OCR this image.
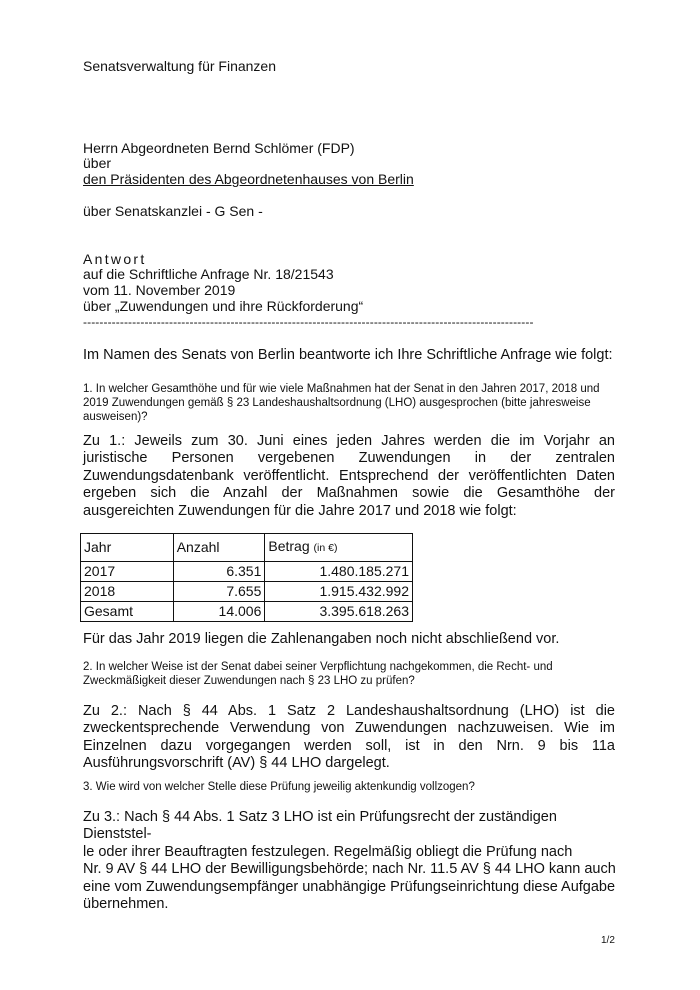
Senatsverwaltung für Finanzen
Herrn Abgeordneten Bernd Schlömer (FDP)
über
den Präsidenten des Abgeordnetenhauses von Berlin
über Senatskanzlei - G Sen -
Antwort
auf die Schriftliche Anfrage Nr. 18/21543
vom 11. November 2019
über „Zuwendungen und ihre Rückforderung“
--------------------------------------------------------------------------------------------------------------
Im Namen des Senats von Berlin beantworte ich Ihre Schriftliche Anfrage wie folgt:
1. In welcher Gesamthöhe und für wie viele Maßnahmen hat der Senat in den Jahren 2017, 2018 und 2019 Zuwendungen gemäß § 23 Landeshaushaltsordnung (LHO) ausgesprochen (bitte jahresweise ausweisen)?
Zu 1.: Jeweils zum 30. Juni eines jeden Jahres werden die im Vorjahr an juristische Personen vergebenen Zuwendungen in der zentralen Zuwendungsdatenbank veröffentlicht. Entsprechend der veröffentlichten Daten ergeben sich die Anzahl der Maßnahmen sowie die Gesamthöhe der ausgereichten Zuwendungen für die Jahre 2017 und 2018 wie folgt:
Jahr	Anzahl	Betrag (in €)
2017	6.351	1.480.185.271
2018	7.655	1.915.432.992
Gesamt	14.006	3.395.618.263
Für das Jahr 2019 liegen die Zahlenangaben noch nicht abschließend vor.
2. In welcher Weise ist der Senat dabei seiner Verpflichtung nachgekommen, die Recht- und Zweckmäßigkeit dieser Zuwendungen nach § 23 LHO zu prüfen?
Zu 2.: Nach § 44 Abs. 1 Satz 2 Landeshaushaltsordnung (LHO) ist die zweckentsprechende Verwendung von Zuwendungen nachzuweisen. Wie im Einzelnen dazu vorgegangen werden soll, ist in den Nrn. 9 bis 11a Ausführungsvorschrift (AV) § 44 LHO dargelegt.
3. Wie wird von welcher Stelle diese Prüfung jeweilig aktenkundig vollzogen?
Zu 3.: Nach § 44 Abs. 1 Satz 3 LHO ist ein Prüfungsrecht der zuständigen Dienststel-
le oder ihrer Beauftragten festzulegen. Regelmäßig obliegt die Prüfung nach
Nr. 9 AV § 44 LHO der Bewilligungsbehörde; nach Nr. 11.5 AV § 44 LHO kann auch
eine vom Zuwendungsempfänger unabhängige Prüfungseinrichtung diese Aufgabe
übernehmen.
1/2
